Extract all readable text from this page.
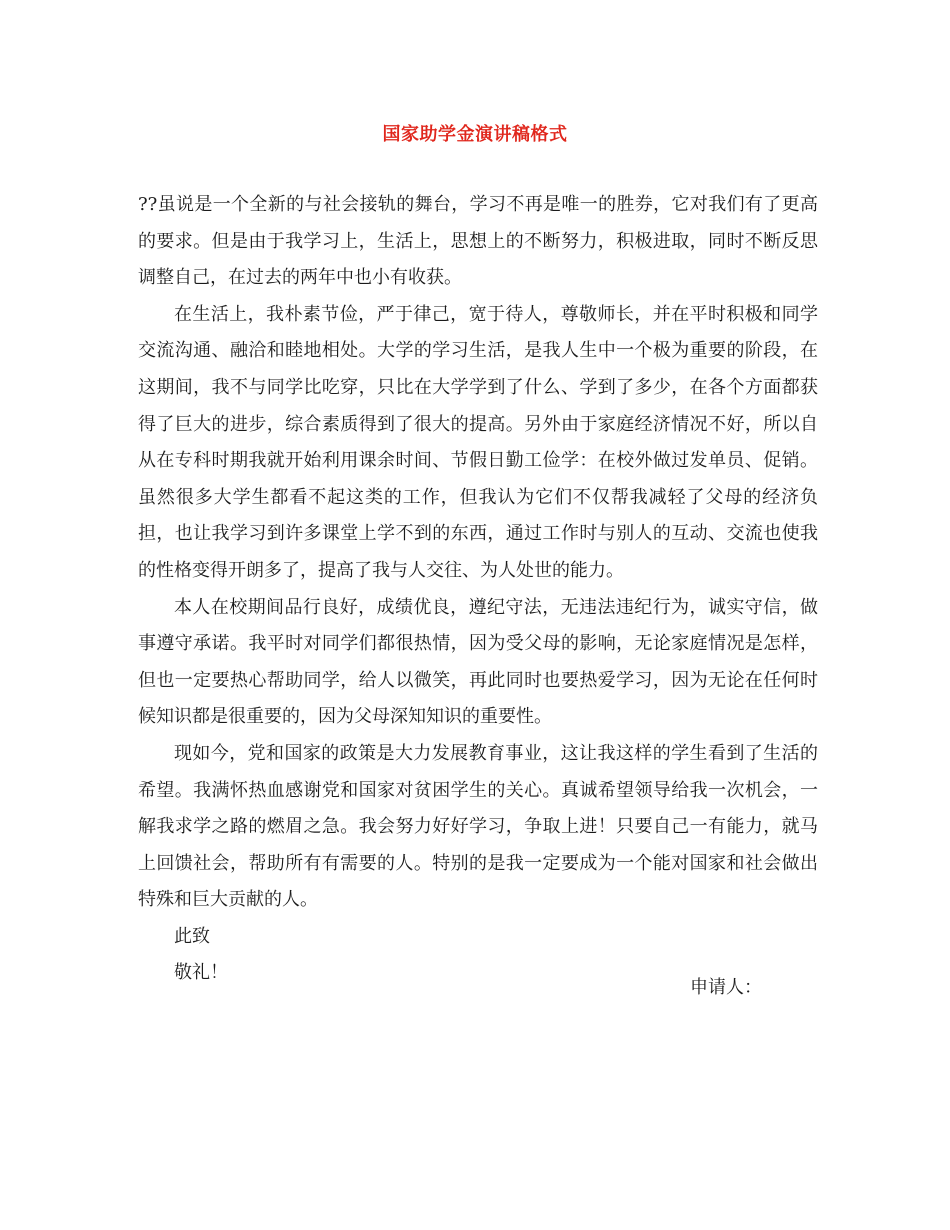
国家助学金演讲稿格式

??虽说是一个全新的与社会接轨的舞台，学习不再是唯一的胜券，它对我们有了更高的要求。但是由于我学习上，生活上，思想上的不断努力，积极进取，同时不断反思调整自己，在过去的两年中也小有收获。

在生活上，我朴素节俭，严于律己，宽于待人，尊敬师长，并在平时积极和同学交流沟通、融洽和睦地相处。大学的学习生活，是我人生中一个极为重要的阶段，在这期间，我不与同学比吃穿，只比在大学学到了什么、学到了多少，在各个方面都获得了巨大的进步，综合素质得到了很大的提高。另外由于家庭经济情况不好，所以自从在专科时期我就开始利用课余时间、节假日勤工俭学：在校外做过发单员、促销。虽然很多大学生都看不起这类的工作，但我认为它们不仅帮我减轻了父母的经济负担，也让我学习到许多课堂上学不到的东西，通过工作时与别人的互动、交流也使我的性格变得开朗多了，提高了我与人交往、为人处世的能力。

本人在校期间品行良好，成绩优良，遵纪守法，无违法违纪行为，诚实守信，做事遵守承诺。我平时对同学们都很热情，因为受父母的影响，无论家庭情况是怎样，但也一定要热心帮助同学，给人以微笑，再此同时也要热爱学习，因为无论在任何时候知识都是很重要的，因为父母深知知识的重要性。

现如今，党和国家的政策是大力发展教育事业，这让我这样的学生看到了生活的希望。我满怀热血感谢党和国家对贫困学生的关心。真诚希望领导给我一次机会，一解我求学之路的燃眉之急。我会努力好好学习，争取上进！只要自己一有能力，就马上回馈社会，帮助所有有需要的人。特别的是我一定要成为一个能对国家和社会做出特殊和巨大贡献的人。

此致

敬礼！

申请人：
